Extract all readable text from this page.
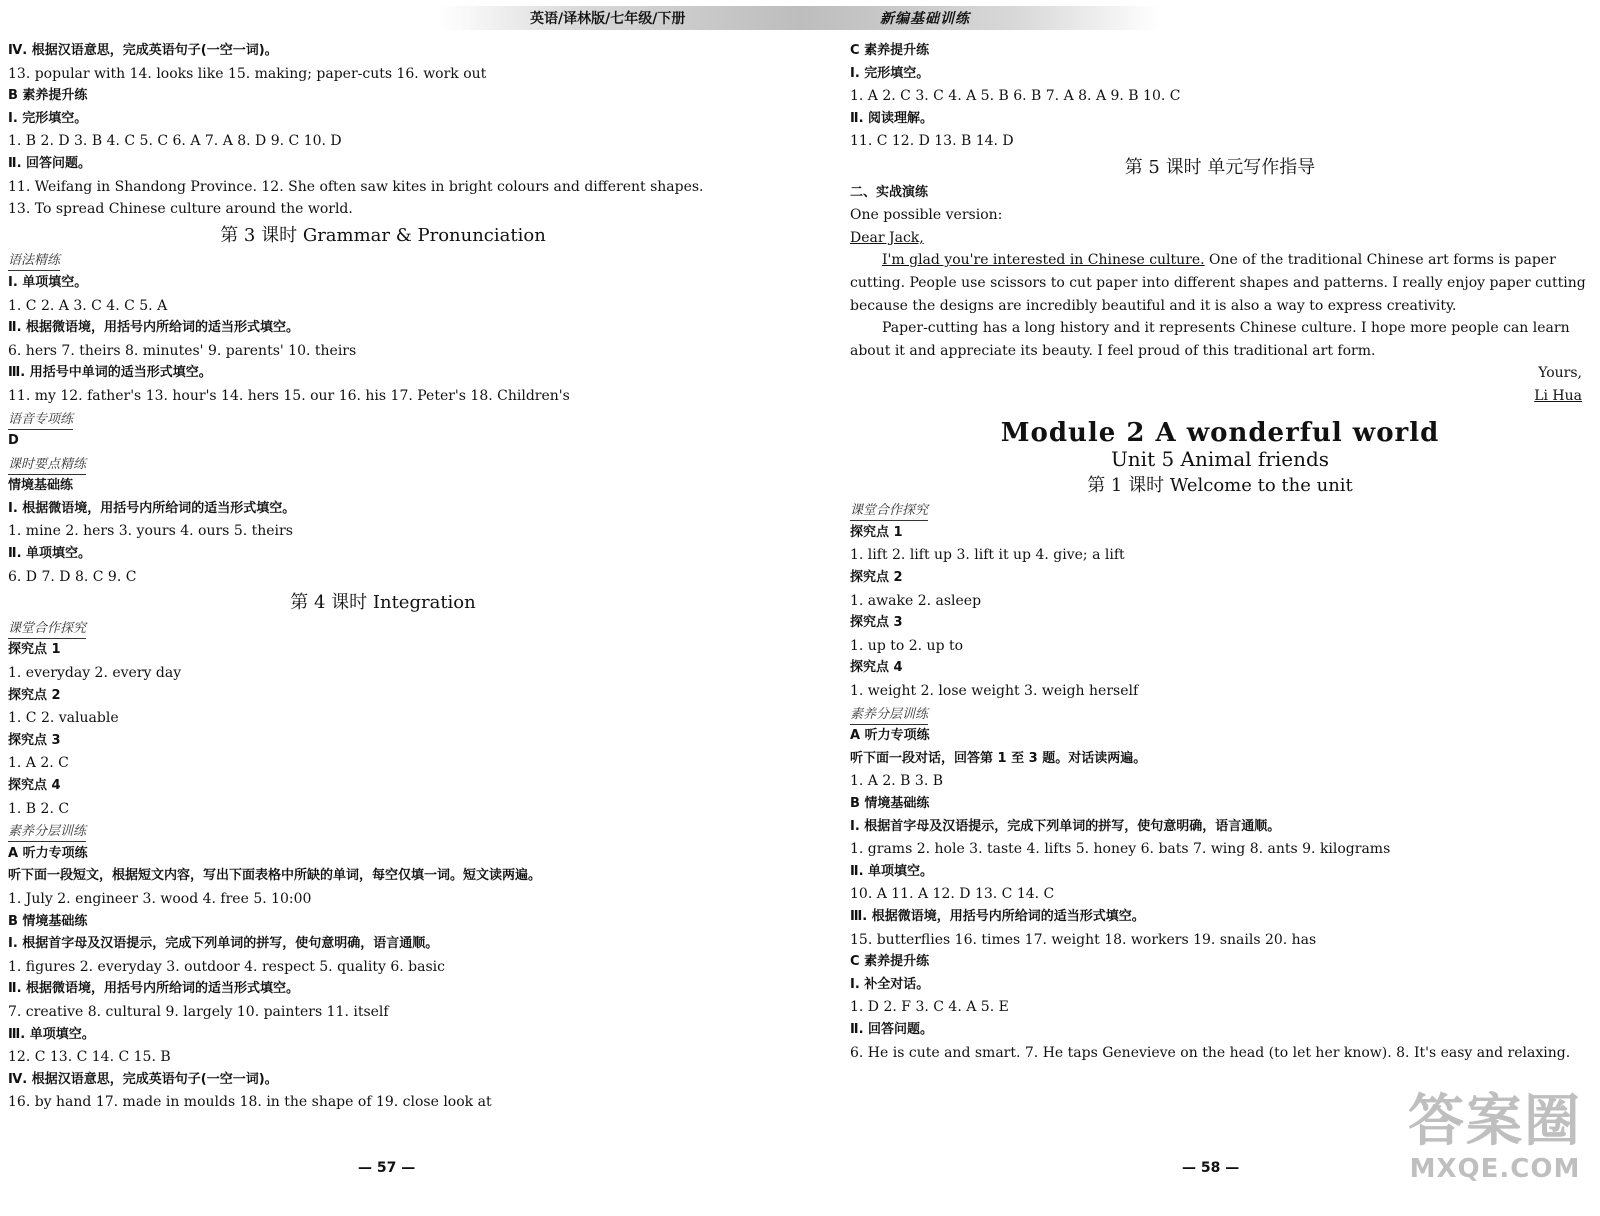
英语/译林版/七年级/下册	新编基础训练
Ⅳ. 根据汉语意思，完成英语句子(一空一词)。
13. popular with 14. looks like 15. making; paper-cuts 16. work out
B 素养提升练
Ⅰ. 完形填空。
1. B 2. D 3. B 4. C 5. C 6. A 7. A 8. D 9. C 10. D
Ⅱ. 回答问题。
11. Weifang in Shandong Province. 12. She often saw kites in bright colours and different shapes.
13. To spread Chinese culture around the world.
第 3 课时 Grammar & Pronunciation
语法精练
Ⅰ. 单项填空。
1. C 2. A 3. C 4. C 5. A
Ⅱ. 根据微语境，用括号内所给词的适当形式填空。
6. hers 7. theirs 8. minutes' 9. parents' 10. theirs
Ⅲ. 用括号中单词的适当形式填空。
11. my 12. father's 13. hour's 14. hers 15. our 16. his 17. Peter's 18. Children's
语音专项练
D
课时要点精练
情境基础练
Ⅰ. 根据微语境，用括号内所给词的适当形式填空。
1. mine 2. hers 3. yours 4. ours 5. theirs
Ⅱ. 单项填空。
6. D 7. D 8. C 9. C
第 4 课时 Integration
课堂合作探究
探究点 1
1. everyday 2. every day
探究点 2
1. C 2. valuable
探究点 3
1. A 2. C
探究点 4
1. B 2. C
素养分层训练
A 听力专项练
听下面一段短文，根据短文内容，写出下面表格中所缺的单词，每空仅填一词。短文读两遍。
1. July 2. engineer 3. wood 4. free 5. 10:00
B 情境基础练
Ⅰ. 根据首字母及汉语提示，完成下列单词的拼写，使句意明确，语言通顺。
1. figures 2. everyday 3. outdoor 4. respect 5. quality 6. basic
Ⅱ. 根据微语境，用括号内所给词的适当形式填空。
7. creative 8. cultural 9. largely 10. painters 11. itself
Ⅲ. 单项填空。
12. C 13. C 14. C 15. B
Ⅳ. 根据汉语意思，完成英语句子(一空一词)。
16. by hand 17. made in moulds 18. in the shape of 19. close look at
C 素养提升练
Ⅰ. 完形填空。
1. A 2. C 3. C 4. A 5. B 6. B 7. A 8. A 9. B 10. C
Ⅱ. 阅读理解。
11. C 12. D 13. B 14. D
第 5 课时 单元写作指导
二、实战演练
One possible version:
Dear Jack,
I'm glad you're interested in Chinese culture. One of the traditional Chinese art forms is paper cutting. People use scissors to cut paper into different shapes and patterns. I really enjoy paper cutting because the designs are incredibly beautiful and it is also a way to express creativity.
Paper-cutting has a long history and it represents Chinese culture. I hope more people can learn about it and appreciate its beauty. I feel proud of this traditional art form.
Yours,
Li Hua
Module 2 A wonderful world
Unit 5 Animal friends
第 1 课时 Welcome to the unit
课堂合作探究
探究点 1
1. lift 2. lift up 3. lift it up 4. give; a lift
探究点 2
1. awake 2. asleep
探究点 3
1. up to 2. up to
探究点 4
1. weight 2. lose weight 3. weigh herself
素养分层训练
A 听力专项练
听下面一段对话，回答第 1 至 3 题。对话读两遍。
1. A 2. B 3. B
B 情境基础练
Ⅰ. 根据首字母及汉语提示，完成下列单词的拼写，使句意明确，语言通顺。
1. grams 2. hole 3. taste 4. lifts 5. honey 6. bats 7. wing 8. ants 9. kilograms
Ⅱ. 单项填空。
10. A 11. A 12. D 13. C 14. C
Ⅲ. 根据微语境，用括号内所给词的适当形式填空。
15. butterflies 16. times 17. weight 18. workers 19. snails 20. has
C 素养提升练
Ⅰ. 补全对话。
1. D 2. F 3. C 4. A 5. E
Ⅱ. 回答问题。
6. He is cute and smart. 7. He taps Genevieve on the head (to let her know). 8. It's easy and relaxing.
— 57 —	— 58 —
答案圈
MXQE.COM
